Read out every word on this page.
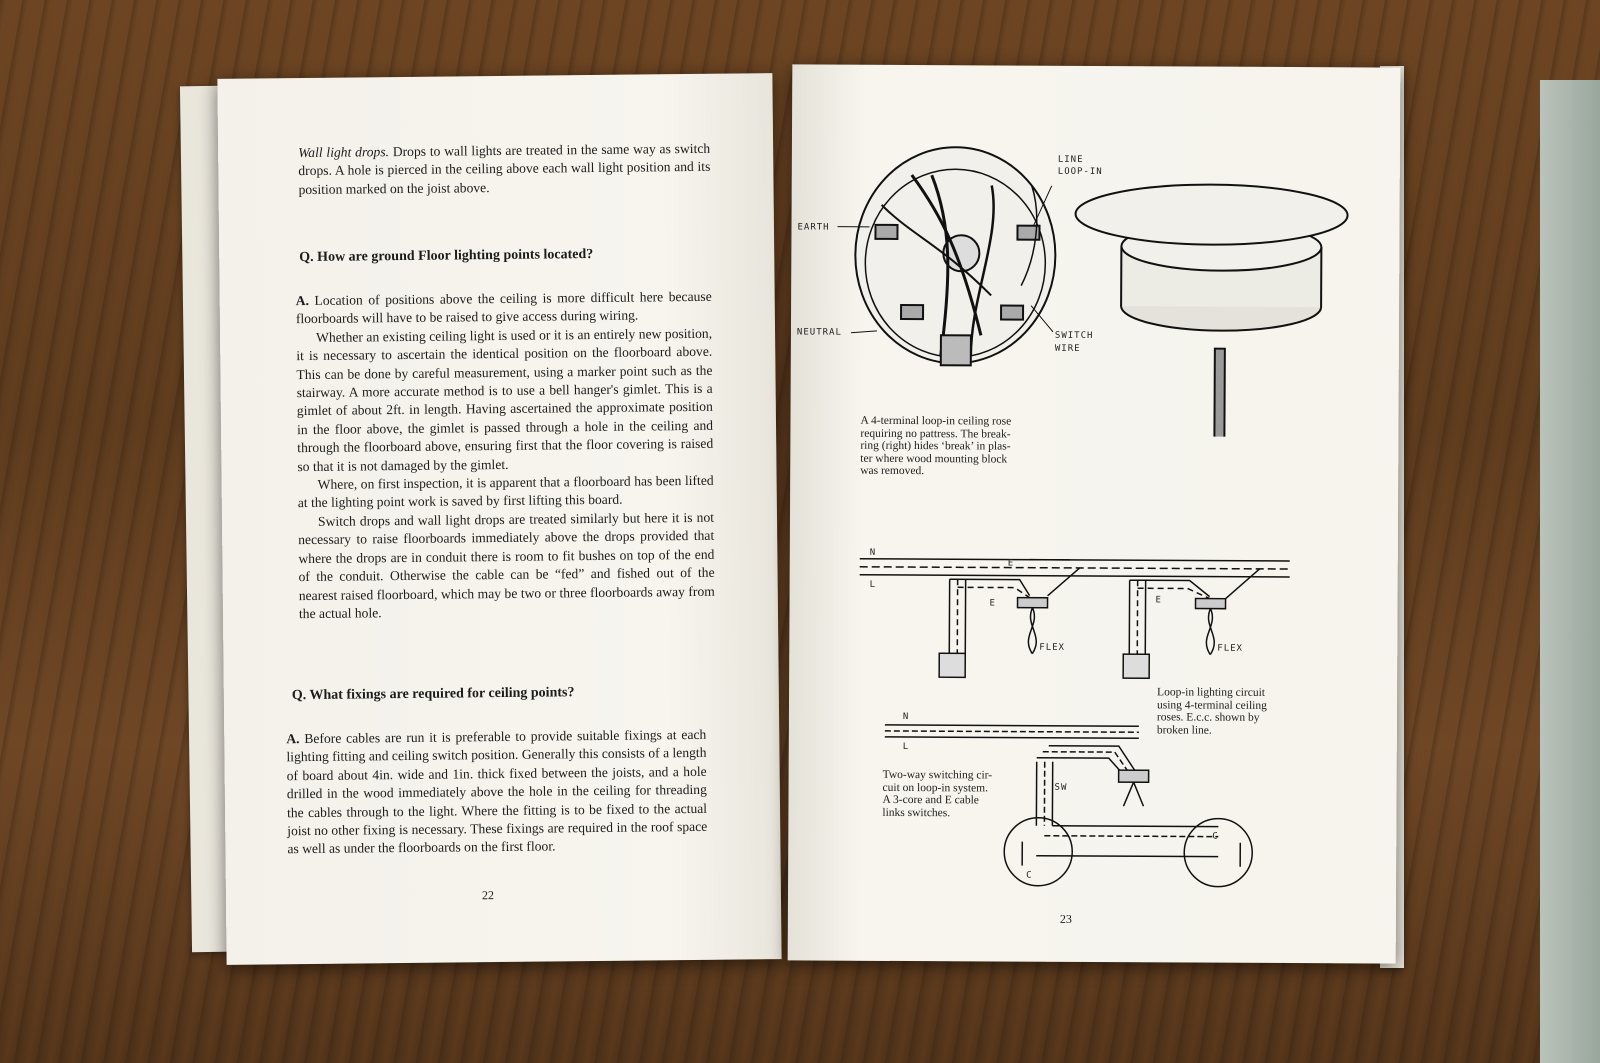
Wall light drops. Drops to wall lights are treated in the same way as switch drops. A hole is pierced in the ceiling above each wall light position and its position marked on the joist above.

Q. How are ground Floor lighting points located?

A. Location of positions above the ceiling is more difficult here because floorboards will have to be raised to give access during wiring.

Whether an existing ceiling light is used or it is an entirely new position, it is necessary to ascertain the identical position on the floorboard above. This can be done by careful measurement, using a marker point such as the stairway. A more accurate method is to use a bell hanger's gimlet. This is a gimlet of about 2ft. in length. Having ascertained the approximate position in the floor above, the gimlet is passed through a hole in the ceiling and through the floorboard above, ensuring first that the floor covering is raised so that it is not damaged by the gimlet.

Where, on first inspection, it is apparent that a floorboard has been lifted at the lighting point work is saved by first lifting this board.

Switch drops and wall light drops are treated similarly but here it is not necessary to raise floorboards immediately above the drops provided that where the drops are in conduit there is room to fit bushes on top of the end of the conduit. Otherwise the cable can be “fed” and fished out of the nearest raised floorboard, which may be two or three floorboards away from the actual hole.

Q. What fixings are required for ceiling points?

A. Before cables are run it is preferable to provide suitable fixings at each lighting fitting and ceiling switch position. Generally this consists of a length of board about 4in. wide and 1in. thick fixed between the joists, and a hole drilled in the wood immediately above the hole in the ceiling for threading the cables through to the light. Where the fitting is to be fixed to the actual joist no other fixing is necessary. These fixings are required in the roof space as well as under the floorboards on the first floor.

22
LINE
LOOP-IN
EARTH
NEUTRAL	SWITCH
WIRE
A 4-terminal loop-in ceiling rose
requiring no pattress. The break-
ring (right) hides ‘break’ in plas-
ter where wood mounting block
was removed.
N
L
E
E	E
FLEX	FLEX
Loop-in lighting circuit
using 4-terminal ceiling
roses. E.c.c. shown by
broken line.
N
L
SW
C
C
Two-way switching cir-
cuit on loop-in system.
A 3-core and E cable
links switches.
23
